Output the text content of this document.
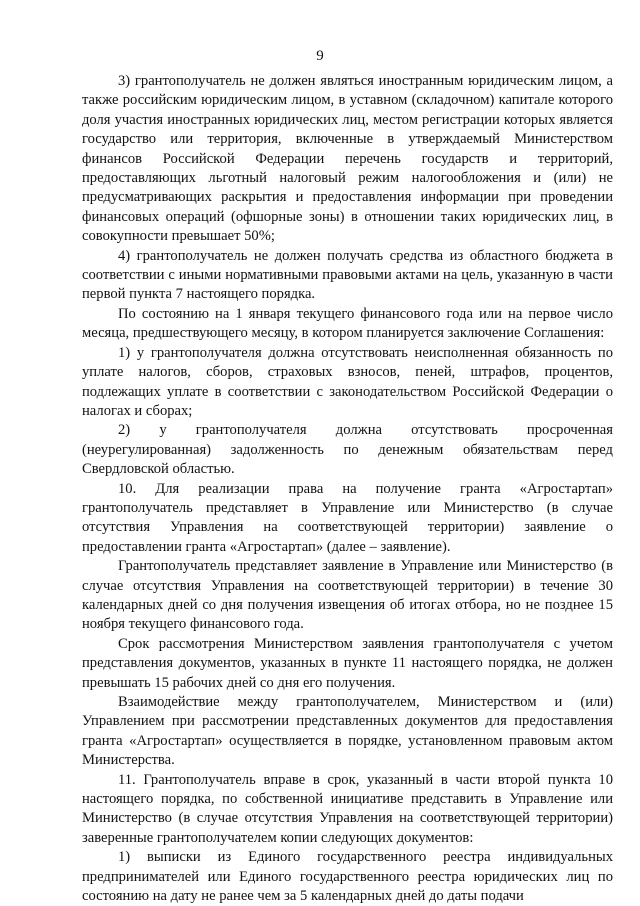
9

3) грантополучатель не должен являться иностранным юридическим лицом, а также российским юридическим лицом, в уставном (складочном) капитале которого доля участия иностранных юридических лиц, местом регистрации которых является государство или территория, включенные в утверждаемый Министерством финансов Российской Федерации перечень государств и территорий, предоставляющих льготный налоговый режим налогообложения и (или) не предусматривающих раскрытия и предоставления информации при проведении финансовых операций (офшорные зоны) в отношении таких юридических лиц, в совокупности превышает 50%;

4) грантополучатель не должен получать средства из областного бюджета в соответствии с иными нормативными правовыми актами на цель, указанную в части первой пункта 7 настоящего порядка.

По состоянию на 1 января текущего финансового года или на первое число месяца, предшествующего месяцу, в котором планируется заключение Соглашения:

1) у грантополучателя должна отсутствовать неисполненная обязанность по уплате налогов, сборов, страховых взносов, пеней, штрафов, процентов, подлежащих уплате в соответствии с законодательством Российской Федерации о налогах и сборах;

2) у грантополучателя должна отсутствовать просроченная (неурегулированная) задолженность по денежным обязательствам перед Свердловской областью.

10. Для реализации права на получение гранта «Агростартап» грантополучатель представляет в Управление или Министерство (в случае отсутствия Управления на соответствующей территории) заявление о предоставлении гранта «Агростартап» (далее – заявление).

Грантополучатель представляет заявление в Управление или Министерство (в случае отсутствия Управления на соответствующей территории) в течение 30 календарных дней со дня получения извещения об итогах отбора, но не позднее 15 ноября текущего финансового года.

Срок рассмотрения Министерством заявления грантополучателя с учетом представления документов, указанных в пункте 11 настоящего порядка, не должен превышать 15 рабочих дней со дня его получения.

Взаимодействие между грантополучателем, Министерством и (или) Управлением при рассмотрении представленных документов для предоставления гранта «Агростартап» осуществляется в порядке, установленном правовым актом Министерства.

11. Грантополучатель вправе в срок, указанный в части второй пункта 10 настоящего порядка, по собственной инициативе представить в Управление или Министерство (в случае отсутствия Управления на соответствующей территории) заверенные грантополучателем копии следующих документов:

1) выписки из Единого государственного реестра индивидуальных предпринимателей или Единого государственного реестра юридических лиц по состоянию на дату не ранее чем за 5 календарных дней до даты подачи
